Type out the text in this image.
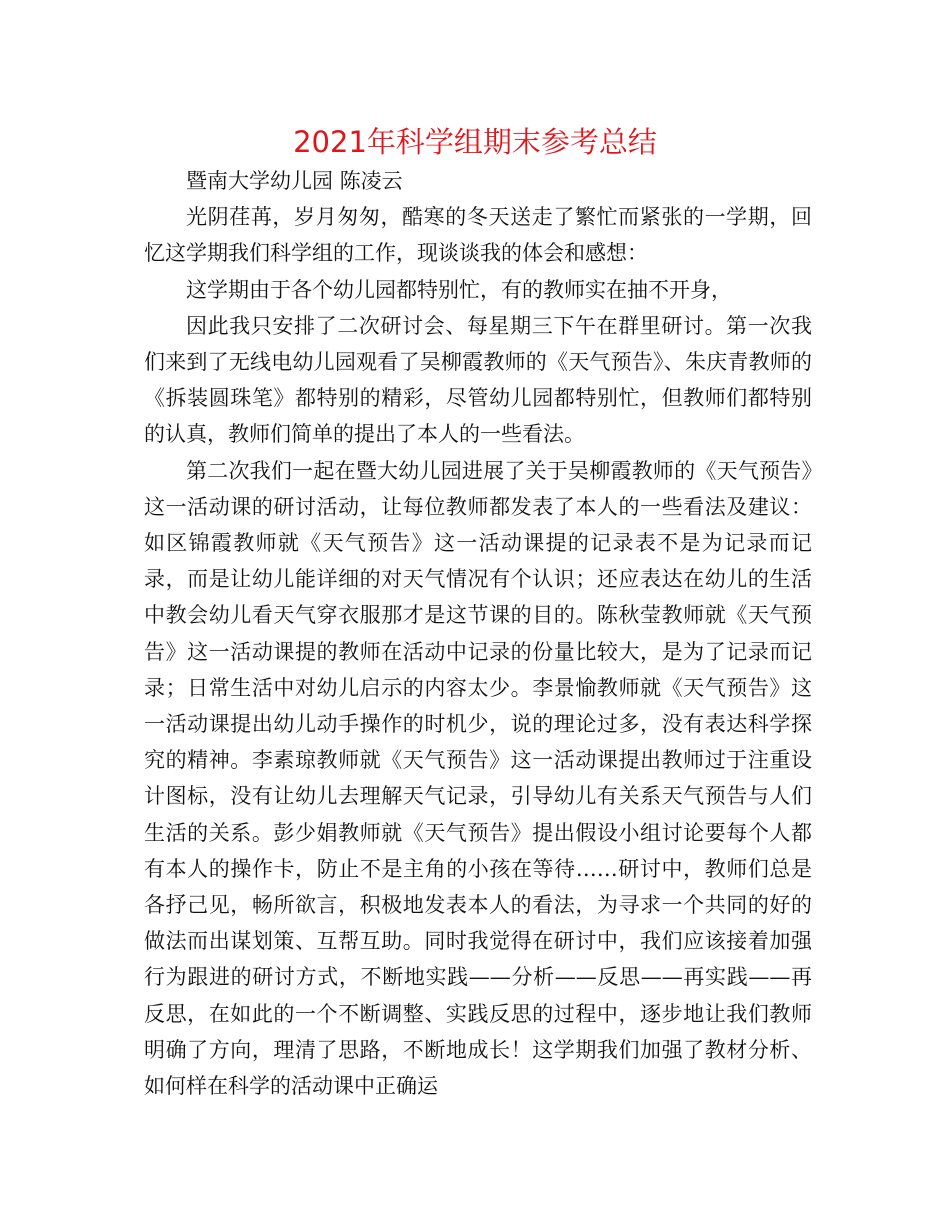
2021年科学组期末参考总结

暨南大学幼儿园 陈凌云

光阴荏苒，岁月匆匆，酷寒的冬天送走了繁忙而紧张的一学期，回忆这学期我们科学组的工作，现谈谈我的体会和感想：

这学期由于各个幼儿园都特别忙，有的教师实在抽不开身，

因此我只安排了二次研讨会、每星期三下午在群里研讨。第一次我们来到了无线电幼儿园观看了吴柳霞教师的《天气预告》、朱庆青教师的《拆装圆珠笔》都特别的精彩，尽管幼儿园都特别忙，但教师们都特别的认真，教师们简单的提出了本人的一些看法。

第二次我们一起在暨大幼儿园进展了关于吴柳霞教师的《天气预告》这一活动课的研讨活动，让每位教师都发表了本人的一些看法及建议：如区锦霞教师就《天气预告》这一活动课提的记录表不是为记录而记录，而是让幼儿能详细的对天气情况有个认识；还应表达在幼儿的生活中教会幼儿看天气穿衣服那才是这节课的目的。陈秋莹教师就《天气预告》这一活动课提的教师在活动中记录的份量比较大，是为了记录而记录；日常生活中对幼儿启示的内容太少。李景愉教师就《天气预告》这一活动课提出幼儿动手操作的时机少，说的理论过多，没有表达科学探究的精神。李素琼教师就《天气预告》这一活动课提出教师过于注重设计图标，没有让幼儿去理解天气记录，引导幼儿有关系天气预告与人们生活的关系。彭少娟教师就《天气预告》提出假设小组讨论要每个人都有本人的操作卡，防止不是主角的小孩在等待……研讨中，教师们总是各抒己见，畅所欲言，积极地发表本人的看法，为寻求一个共同的好的做法而出谋划策、互帮互助。同时我觉得在研讨中，我们应该接着加强行为跟进的研讨方式，不断地实践——分析——反思——再实践——再反思，在如此的一个不断调整、实践反思的过程中，逐步地让我们教师明确了方向，理清了思路，不断地成长！这学期我们加强了教材分析、如何样在科学的活动课中正确运
